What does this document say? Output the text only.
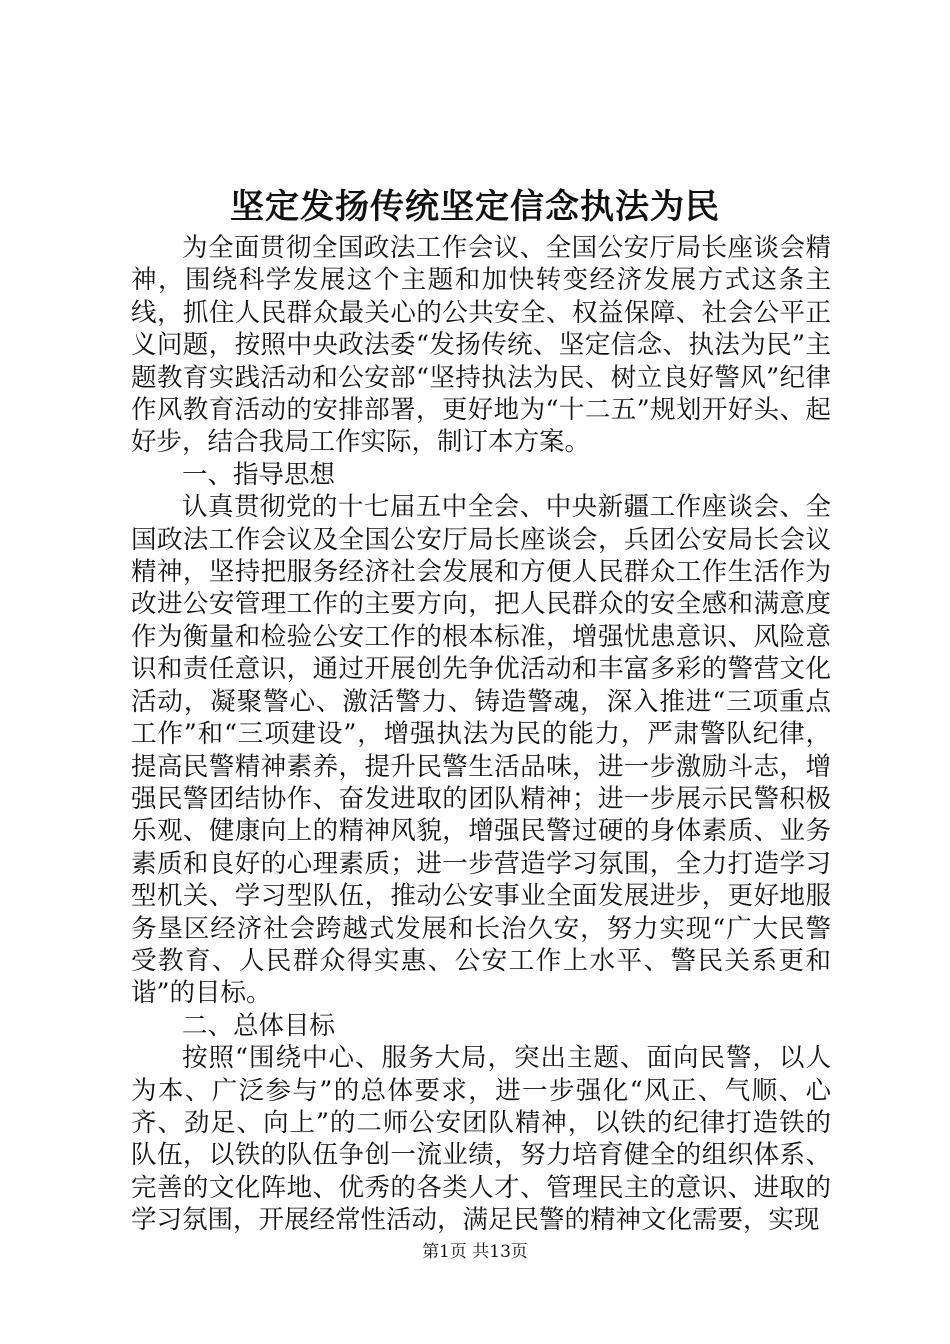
坚定发扬传统坚定信念执法为民

为全面贯彻全国政法工作会议、全国公安厅局长座谈会精神，围绕科学发展这个主题和加快转变经济发展方式这条主线，抓住人民群众最关心的公共安全、权益保障、社会公平正义问题，按照中央政法委“发扬传统、坚定信念、执法为民”主题教育实践活动和公安部“坚持执法为民、树立良好警风”纪律作风教育活动的安排部署，更好地为“十二五”规划开好头、起好步，结合我局工作实际，制订本方案。

一、指导思想

认真贯彻党的十七届五中全会、中央新疆工作座谈会、全国政法工作会议及全国公安厅局长座谈会，兵团公安局长会议精神，坚持把服务经济社会发展和方便人民群众工作生活作为改进公安管理工作的主要方向，把人民群众的安全感和满意度作为衡量和检验公安工作的根本标准，增强忧患意识、风险意识和责任意识，通过开展创先争优活动和丰富多彩的警营文化活动，凝聚警心、激活警力、铸造警魂，深入推进“三项重点工作”和“三项建设”，增强执法为民的能力，严肃警队纪律，提高民警精神素养，提升民警生活品味，进一步激励斗志，增强民警团结协作、奋发进取的团队精神；进一步展示民警积极乐观、健康向上的精神风貌，增强民警过硬的身体素质、业务素质和良好的心理素质；进一步营造学习氛围，全力打造学习型机关、学习型队伍，推动公安事业全面发展进步，更好地服务垦区经济社会跨越式发展和长治久安，努力实现“广大民警受教育、人民群众得实惠、公安工作上水平、警民关系更和谐”的目标。

二、总体目标

按照“围绕中心、服务大局，突出主题、面向民警，以人为本、广泛参与”的总体要求，进一步强化“风正、气顺、心齐、劲足、向上”的二师公安团队精神，以铁的纪律打造铁的队伍，以铁的队伍争创一流业绩，努力培育健全的组织体系、完善的文化阵地、优秀的各类人才、管理民主的意识、进取的学习氛围，开展经常性活动，满足民警的精神文化需要，实现

第1页 共13页
